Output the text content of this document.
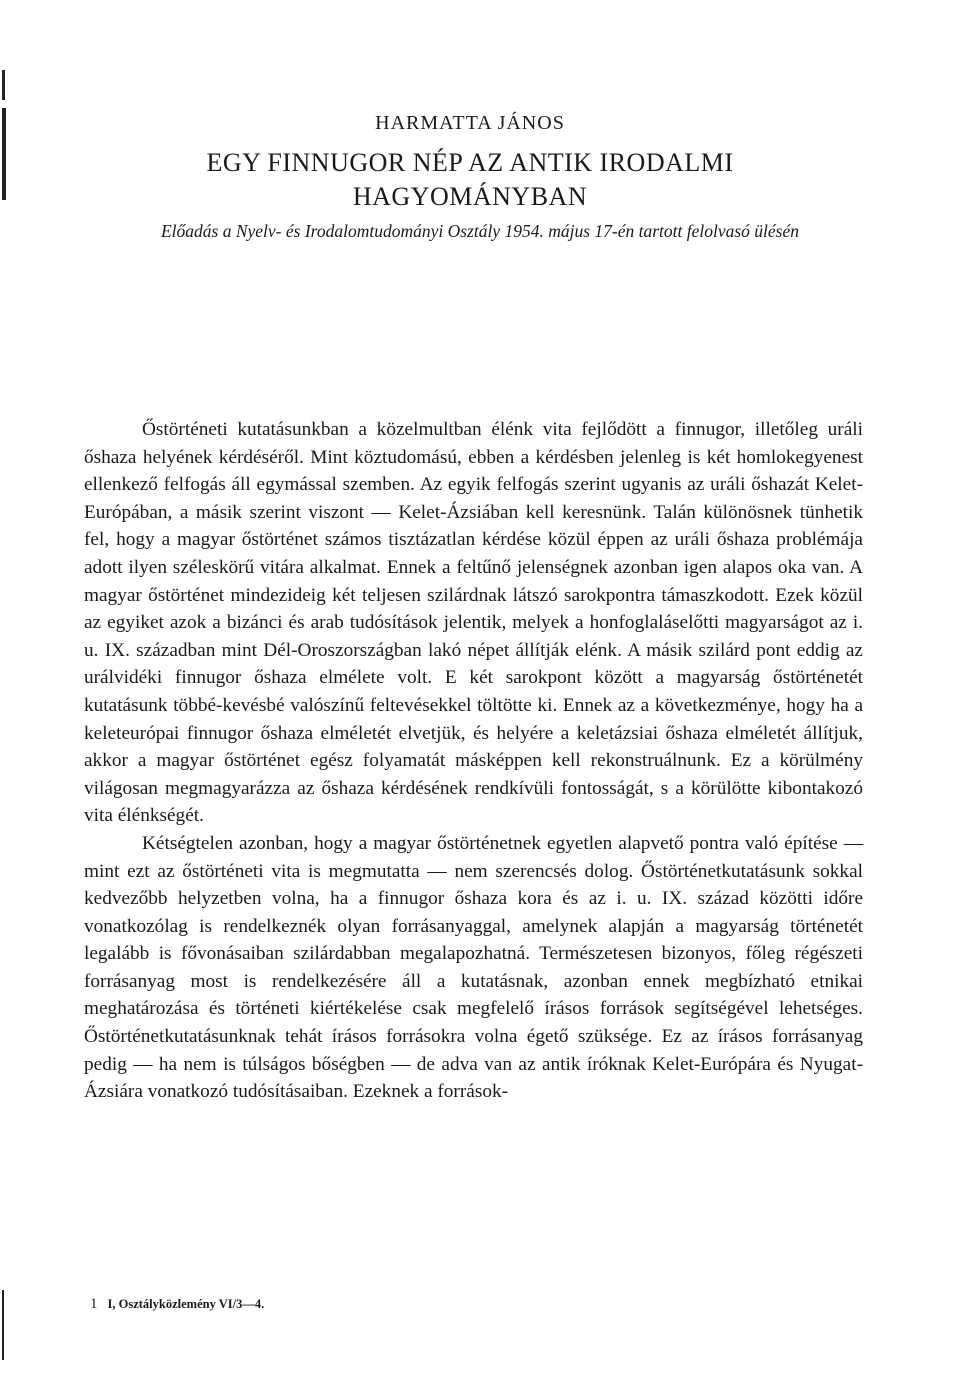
HARMATTA JÁNOS
EGY FINNUGOR NÉP AZ ANTIK IRODALMI
HAGYOMÁNYBAN
Előadás a Nyelv- és Irodalomtudományi Osztály 1954. május 17-én tartott felolvasó ülésén

Őstörténeti kutatásunkban a közelmultban élénk vita fejlődött a finnugor, illetőleg uráli őshaza helyének kérdéséről. Mint köztudomású, ebben a kérdésben jelenleg is két homlokegyenest ellenkező felfogás áll egymással szemben. Az egyik felfogás szerint ugyanis az uráli őshazát Kelet-Európában, a másik szerint viszont — Kelet-Ázsiában kell keresnünk. Talán különösnek tünhetik fel, hogy a magyar őstörténet számos tisztázatlan kérdése közül éppen az uráli őshaza problémája adott ilyen széleskörű vitára alkalmat. Ennek a feltűnő jelenségnek azonban igen alapos oka van. A magyar őstörténet mindezideig két teljesen szilárdnak látszó sarokpontra támaszkodott. Ezek közül az egyiket azok a bizánci és arab tudósítások jelentik, melyek a honfoglaláselőtti magyarságot az i. u. IX. században mint Dél-Oroszországban lakó népet állítják elénk. A másik szilárd pont eddig az urálvidéki finnugor őshaza elmélete volt. E két sarokpont között a magyarság őstörténetét kutatásunk többé-kevésbé valószínű feltevésekkel töltötte ki. Ennek az a következménye, hogy ha a keleteurópai finnugor őshaza elméletét elvetjük, és helyére a keletázsiai őshaza elméletét állítjuk, akkor a magyar őstörténet egész folyamatát másképpen kell rekonstruálnunk. Ez a körülmény világosan megmagyarázza az őshaza kérdésének rendkívüli fontosságát, s a körülötte kibontakozó vita élénkségét.

Kétségtelen azonban, hogy a magyar őstörténetnek egyetlen alapvető pontra való építése — mint ezt az őstörténeti vita is megmutatta — nem szerencsés dolog. Őstörténetkutatásunk sokkal kedvezőbb helyzetben volna, ha a finnugor őshaza kora és az i. u. IX. század közötti időre vonatkozólag is rendelkeznék olyan forrásanyaggal, amelynek alapján a magyarság történetét legalább is fővonásaiban szilárdabban megalapozhatná. Természetesen bizonyos, főleg régészeti forrásanyag most is rendelkezésére áll a kutatásnak, azonban ennek megbízható etnikai meghatározása és történeti kiértékelése csak megfelelő írásos források segítségével lehetséges. Őstörténetkutatásunknak tehát írásos forrásokra volna égető szüksége. Ez az írásos forrásanyag pedig — ha nem is túlságos bőségben — de adva van az antik íróknak Kelet-Európára és Nyugat-Ázsiára vonatkozó tudósításaiban. Ezeknek a források-

1 I, Osztályközlemény VI/3—4.
